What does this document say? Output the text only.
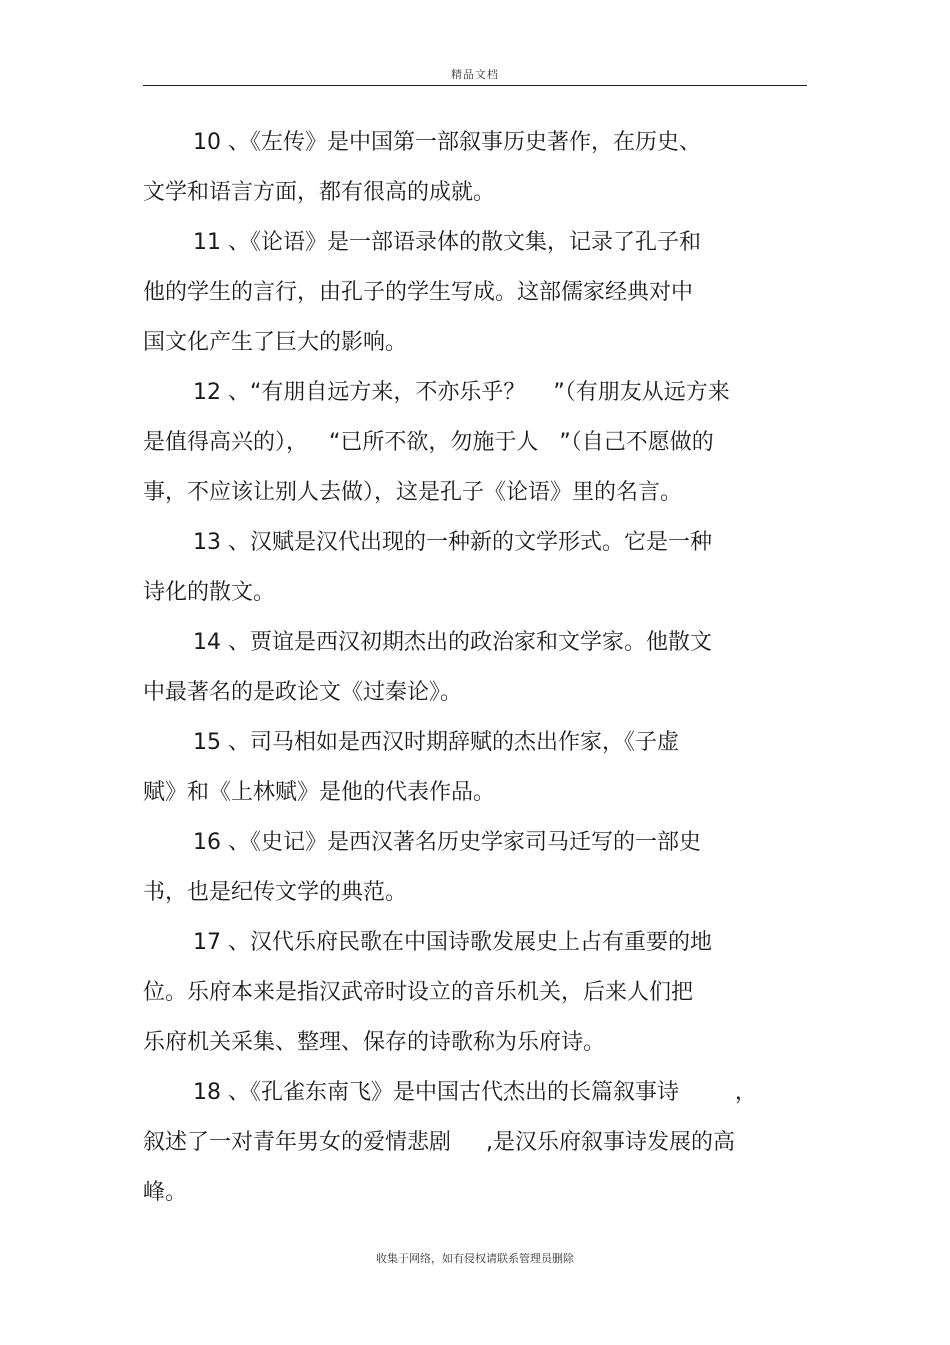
精品文档
10 、《左传》是中国第一部叙事历史著作，在历史、
文学和语言方面，都有很高的成就。
11 、《论语》是一部语录体的散文集，记录了孔子和
他的学生的言行，由孔子的学生写成。这部儒家经典对中
国文化产生了巨大的影响。
12 、“有朋自远方来，不亦乐乎？    ”（有朋友从远方来
是值得高兴的），   “已所不欲，勿施于人   ”（自己不愿做的
事，不应该让别人去做），这是孔子《论语》里的名言。
13 、汉赋是汉代出现的一种新的文学形式。它是一种
诗化的散文。
14 、贾谊是西汉初期杰出的政治家和文学家。他散文
中最著名的是政论文《过秦论》。
15 、司马相如是西汉时期辞赋的杰出作家，《子虚
赋》和《上林赋》是他的代表作品。
16 、《史记》是西汉著名历史学家司马迁写的一部史
书，也是纪传文学的典范。
17 、汉代乐府民歌在中国诗歌发展史上占有重要的地
位。乐府本来是指汉武帝时设立的音乐机关，后来人们把
乐府机关采集、整理、保存的诗歌称为乐府诗。
18 、《孔雀东南飞》是中国古代杰出的长篇叙事诗        ，
叙述了一对青年男女的爱情悲剧     ,是汉乐府叙事诗发展的高
峰。
收集于网络，如有侵权请联系管理员删除
